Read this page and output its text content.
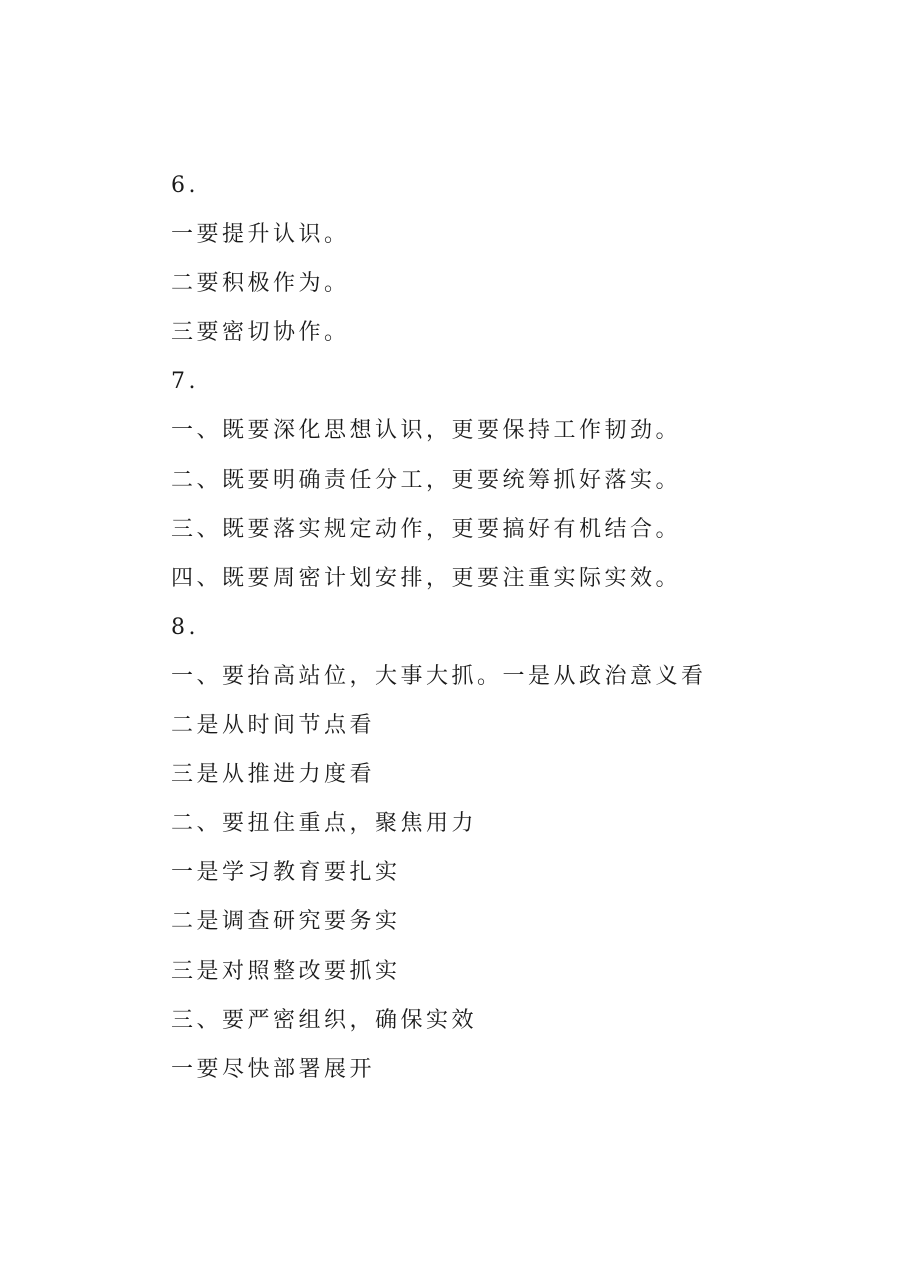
6.
一要提升认识。
二要积极作为。
三要密切协作。
7.
一、既要深化思想认识，更要保持工作韧劲。
二、既要明确责任分工，更要统筹抓好落实。
三、既要落实规定动作，更要搞好有机结合。
四、既要周密计划安排，更要注重实际实效。
8.
一、要抬高站位，大事大抓。一是从政治意义看
二是从时间节点看
三是从推进力度看
二、要扭住重点，聚焦用力
一是学习教育要扎实
二是调查研究要务实
三是对照整改要抓实
三、要严密组织，确保实效
一要尽快部署展开
